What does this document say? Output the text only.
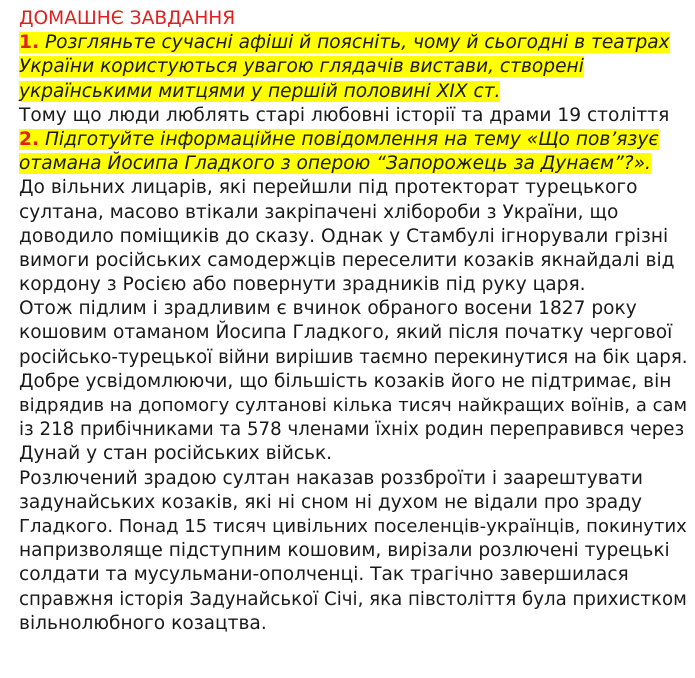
ДОМАШНЄ ЗАВДАННЯ
1. Розгляньте сучасні афіші й поясніть, чому й сьогодні в театрах
України користуються увагою глядачів вистави, створені
українськими митцями у першій половині ХІХ ст.
Тому що люди люблять старі любовні історії та драми 19 століття
2. Підготуйте інформаційне повідомлення на тему «Що пов’язує
отамана Йосипа Гладкого з оперою “Запорожець за Дунаєм”?».
До вільних лицарів, які перейшли під протекторат турецького
султана, масово втікали закріпачені хлібороби з України, що
доводило поміщиків до сказу. Однак у Стамбулі ігнорували грізні
вимоги російських самодержців переселити козаків якнайдалі від
кордону з Росією або повернути зрадників під руку царя.
Отож підлим і зрадливим є вчинок обраного восени 1827 року
кошовим отаманом Йосипа Гладкого, який після початку чергової
російсько-турецької війни вирішив таємно перекинутися на бік царя.
Добре усвідомлюючи, що більшість козаків його не підтримає, він
відрядив на допомогу султанові кілька тисяч найкращих воїнів, а сам
із 218 прибічниками та 578 членами їхніх родин переправився через
Дунай у стан російських військ.
Розлючений зрадою султан наказав роззброїти і заарештувати
задунайських козаків, які ні сном ні духом не відали про зраду
Гладкого. Понад 15 тисяч цивільних поселенців-українців, покинутих
напризволяще підступним кошовим, вирізали розлючені турецькі
солдати та мусульмани-ополченці. Так трагічно завершилася
справжня історія Задунайської Січі, яка півстоліття була прихистком
вільнолюбного козацтва.
